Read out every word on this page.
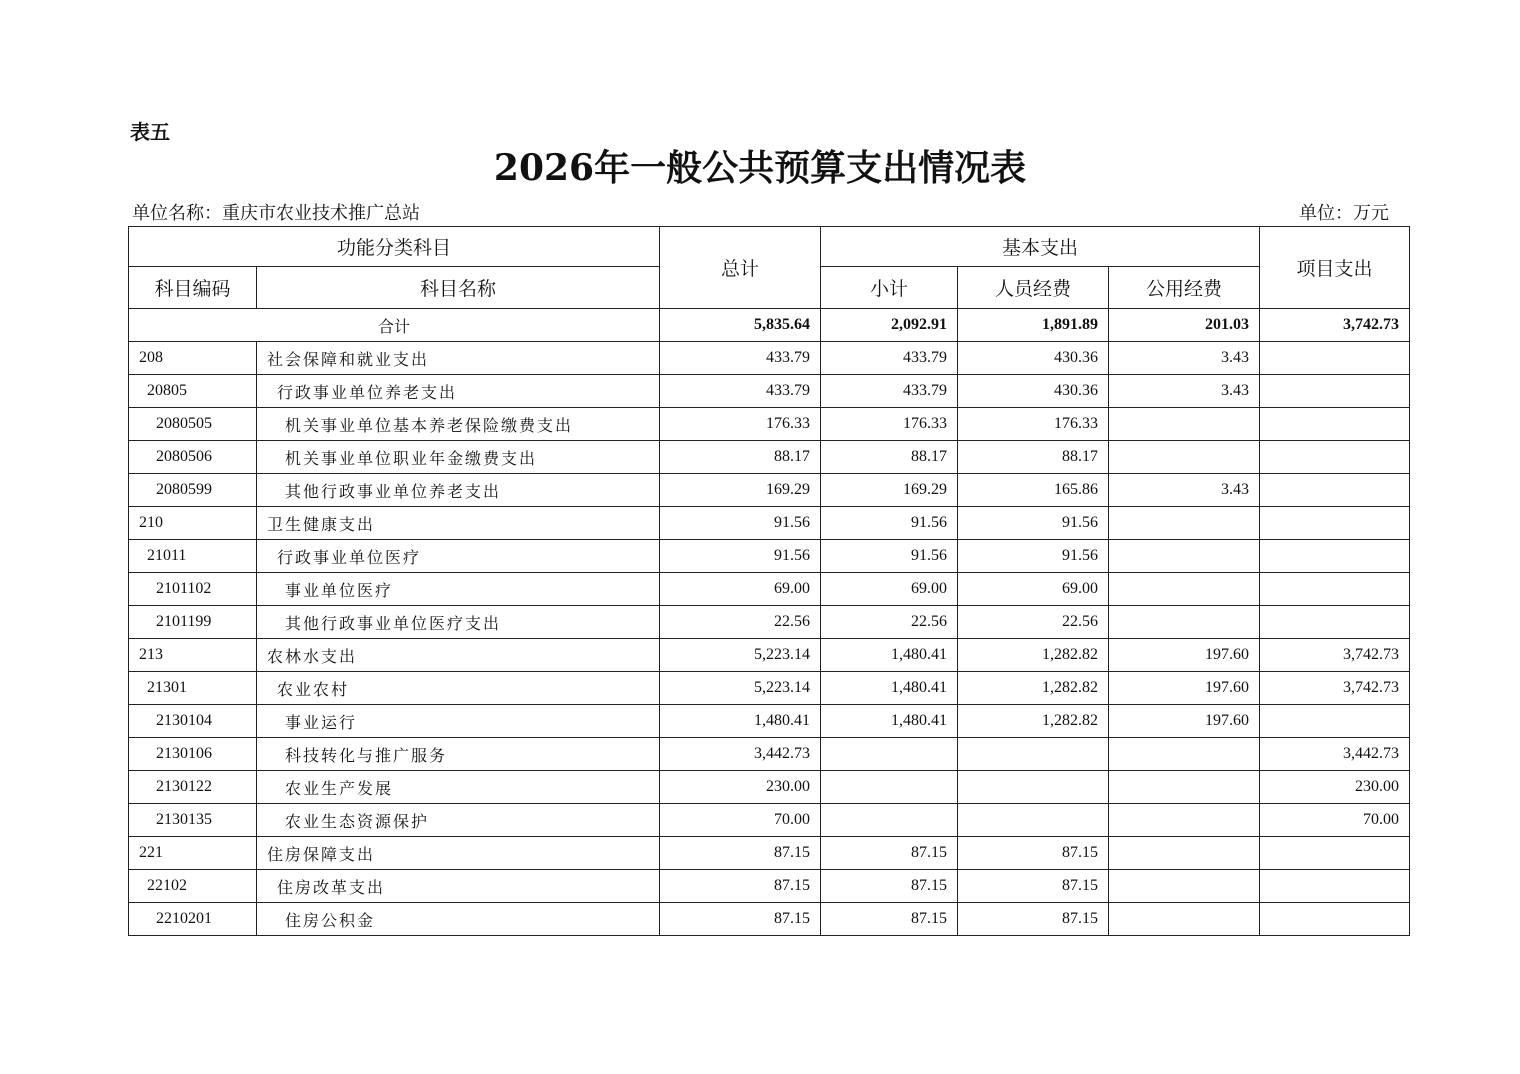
表五
2026年一般公共预算支出情况表
单位名称：重庆市农业技术推广总站	单位：万元
功能分类科目		总计	基本支出			项目支出
科目编码	科目名称		小计	人员经费	公用经费	
合计		5,835.64	2,092.91	1,891.89	201.03	3,742.73
208	社会保障和就业支出	433.79	433.79	430.36	3.43	
20805	行政事业单位养老支出	433.79	433.79	430.36	3.43	
2080505	机关事业单位基本养老保险缴费支出	176.33	176.33	176.33		
2080506	机关事业单位职业年金缴费支出	88.17	88.17	88.17		
2080599	其他行政事业单位养老支出	169.29	169.29	165.86	3.43	
210	卫生健康支出	91.56	91.56	91.56		
21011	行政事业单位医疗	91.56	91.56	91.56		
2101102	事业单位医疗	69.00	69.00	69.00		
2101199	其他行政事业单位医疗支出	22.56	22.56	22.56		
213	农林水支出	5,223.14	1,480.41	1,282.82	197.60	3,742.73
21301	农业农村	5,223.14	1,480.41	1,282.82	197.60	3,742.73
2130104	事业运行	1,480.41	1,480.41	1,282.82	197.60	
2130106	科技转化与推广服务	3,442.73				3,442.73
2130122	农业生产发展	230.00				230.00
2130135	农业生态资源保护	70.00				70.00
221	住房保障支出	87.15	87.15	87.15		
22102	住房改革支出	87.15	87.15	87.15		
2210201	住房公积金	87.15	87.15	87.15		
